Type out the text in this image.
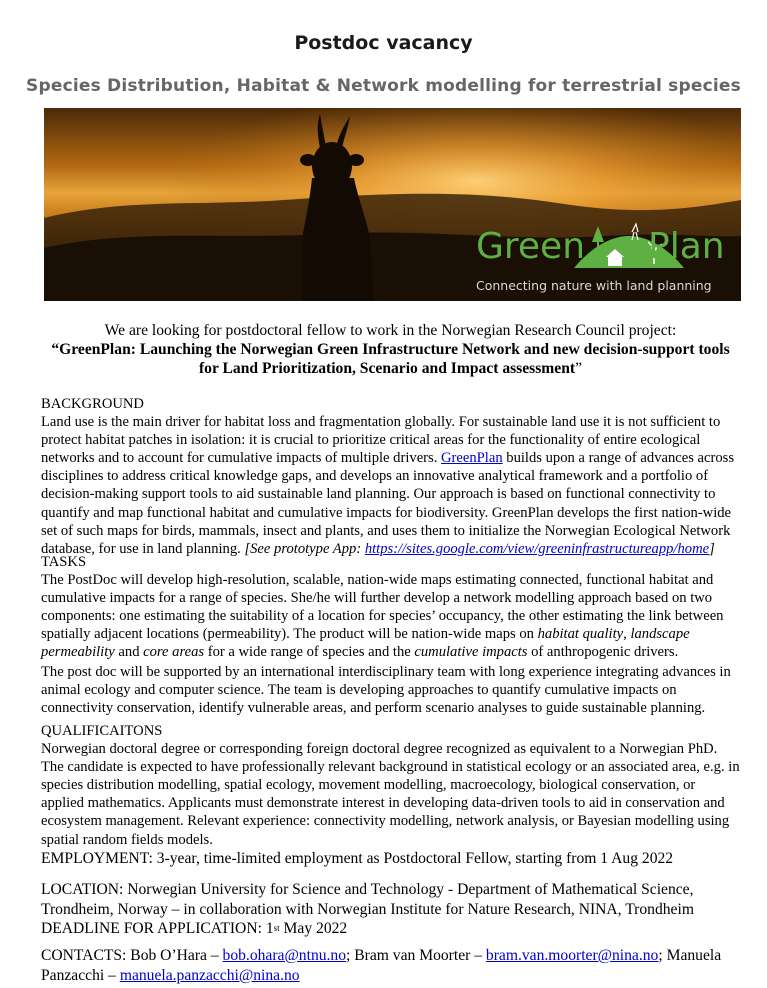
Postdoc vacancy
Species Distribution, Habitat & Network modelling for terrestrial species
Green Plan
Connecting nature with land planning
We are looking for postdoctoral fellow to work in the Norwegian Research Council project:
“GreenPlan: Launching the Norwegian Green Infrastructure Network and new decision-support tools for Land Prioritization, Scenario and Impact assessment”
BACKGROUND

Land use is the main driver for habitat loss and fragmentation globally. For sustainable land use it is not sufficient to protect habitat patches in isolation: it is crucial to prioritize critical areas for the functionality of entire ecological networks and to account for cumulative impacts of multiple drivers. GreenPlan builds upon a range of advances across disciplines to address critical knowledge gaps, and develops an innovative analytical framework and a portfolio of decision-making support tools to aid sustainable land planning. Our approach is based on functional connectivity to quantify and map functional habitat and cumulative impacts for biodiversity. GreenPlan develops the first nation-wide set of such maps for birds, mammals, insect and plants, and uses them to initialize the Norwegian Ecological Network database, for use in land planning. [See prototype App: https://sites.google.com/view/greeninfrastructureapp/home]

TASKS

The PostDoc will develop high-resolution, scalable, nation-wide maps estimating connected, functional habitat and cumulative impacts for a range of species. She/he will further develop a network modelling approach based on two components: one estimating the suitability of a location for species’ occupancy, the other estimating the link between spatially adjacent locations (permeability). The product will be nation-wide maps on habitat quality, landscape permeability and core areas for a wide range of species and the cumulative impacts of anthropogenic drivers.

The post doc will be supported by an international interdisciplinary team with long experience integrating advances in animal ecology and computer science. The team is developing approaches to quantify cumulative impacts on connectivity conservation, identify vulnerable areas, and perform scenario analyses to guide sustainable planning.

QUALIFICAITONS

Norwegian doctoral degree or corresponding foreign doctoral degree recognized as equivalent to a Norwegian PhD. The candidate is expected to have professionally relevant background in statistical ecology or an associated area, e.g. in species distribution modelling, spatial ecology, movement modelling, macroecology, biological conservation, or applied mathematics. Applicants must demonstrate interest in developing data-driven tools to aid in conservation and ecosystem management. Relevant experience: connectivity modelling, network analysis, or Bayesian modelling using spatial random fields models.

EMPLOYMENT: 3-year, time-limited employment as Postdoctoral Fellow, starting from 1 Aug 2022
LOCATION: Norwegian University for Science and Technology - Department of Mathematical Science, Trondheim, Norway – in collaboration with Norwegian Institute for Nature Research, NINA, Trondheim
DEADLINE FOR APPLICATION: 1st May 2022
CONTACTS: Bob O’Hara – bob.ohara@ntnu.no; Bram van Moorter – bram.van.moorter@nina.no; Manuela Panzacchi – manuela.panzacchi@nina.no
